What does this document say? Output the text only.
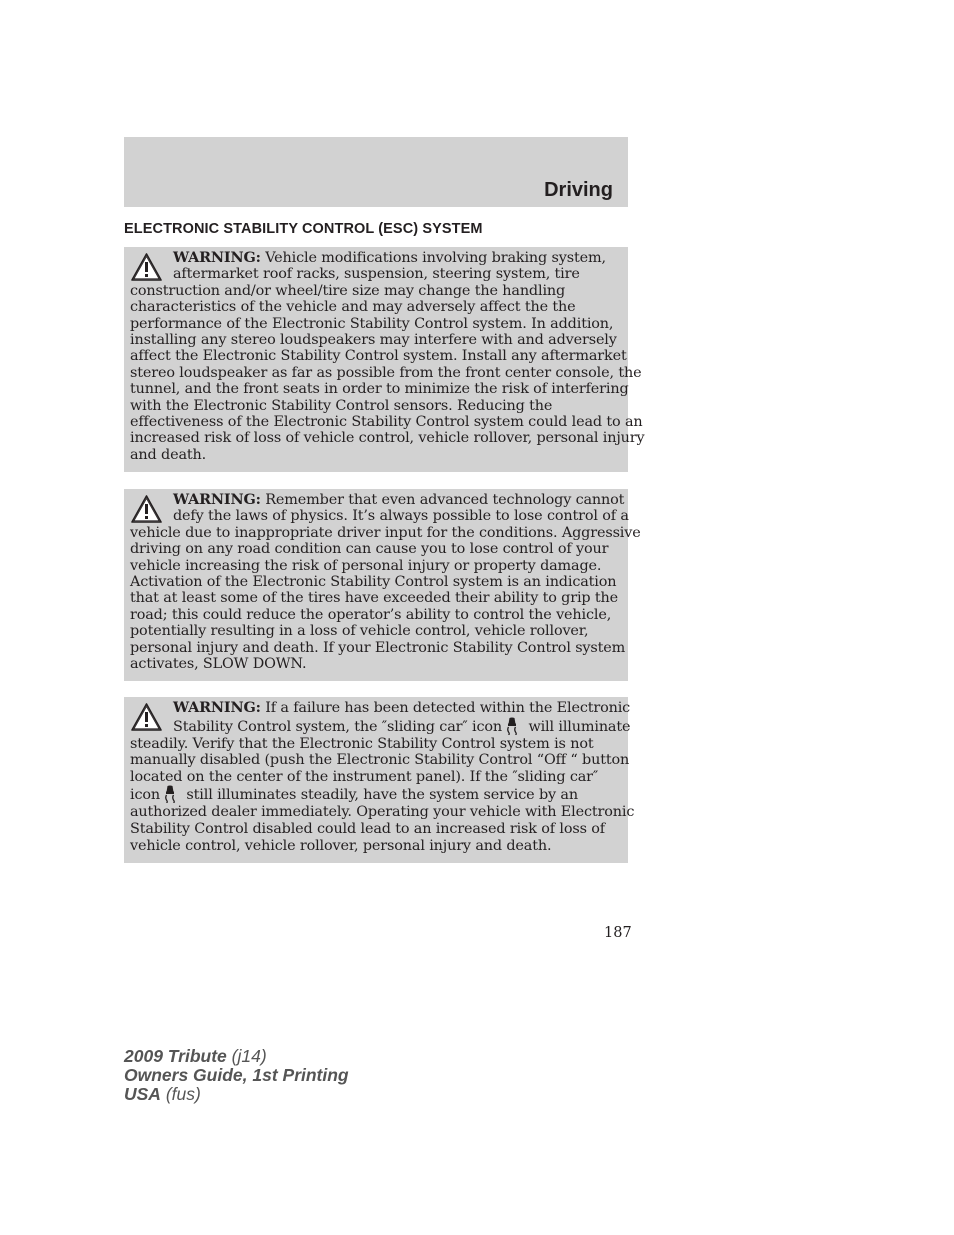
Driving
ELECTRONIC STABILITY CONTROL (ESC) SYSTEM

WARNING: Vehicle modifications involving braking system,

aftermarket roof racks, suspension, steering system, tire

construction and/or wheel/tire size may change the handling

characteristics of the vehicle and may adversely affect the the

performance of the Electronic Stability Control system. In addition,

installing any stereo loudspeakers may interfere with and adversely

affect the Electronic Stability Control system. Install any aftermarket

stereo loudspeaker as far as possible from the front center console, the

tunnel, and the front seats in order to minimize the risk of interfering

with the Electronic Stability Control sensors. Reducing the

effectiveness of the Electronic Stability Control system could lead to an

increased risk of loss of vehicle control, vehicle rollover, personal injury

and death.

WARNING: Remember that even advanced technology cannot

defy the laws of physics. It’s always possible to lose control of a

vehicle due to inappropriate driver input for the conditions. Aggressive

driving on any road condition can cause you to lose control of your

vehicle increasing the risk of personal injury or property damage.

Activation of the Electronic Stability Control system is an indication

that at least some of the tires have exceeded their ability to grip the

road; this could reduce the operator’s ability to control the vehicle,

potentially resulting in a loss of vehicle control, vehicle rollover,

personal injury and death. If your Electronic Stability Control system

activates, SLOW DOWN.

WARNING: If a failure has been detected within the Electronic

Stability Control system, the ″sliding car″ icon will illuminate

steadily. Verify that the Electronic Stability Control system is not

manually disabled (push the Electronic Stability Control “Off “ button

located on the center of the instrument panel). If the ″sliding car″

icon still illuminates steadily, have the system service by an

authorized dealer immediately. Operating your vehicle with Electronic

Stability Control disabled could lead to an increased risk of loss of

vehicle control, vehicle rollover, personal injury and death.

187
2009 Tribute (j14)
Owners Guide, 1st Printing
USA (fus)
